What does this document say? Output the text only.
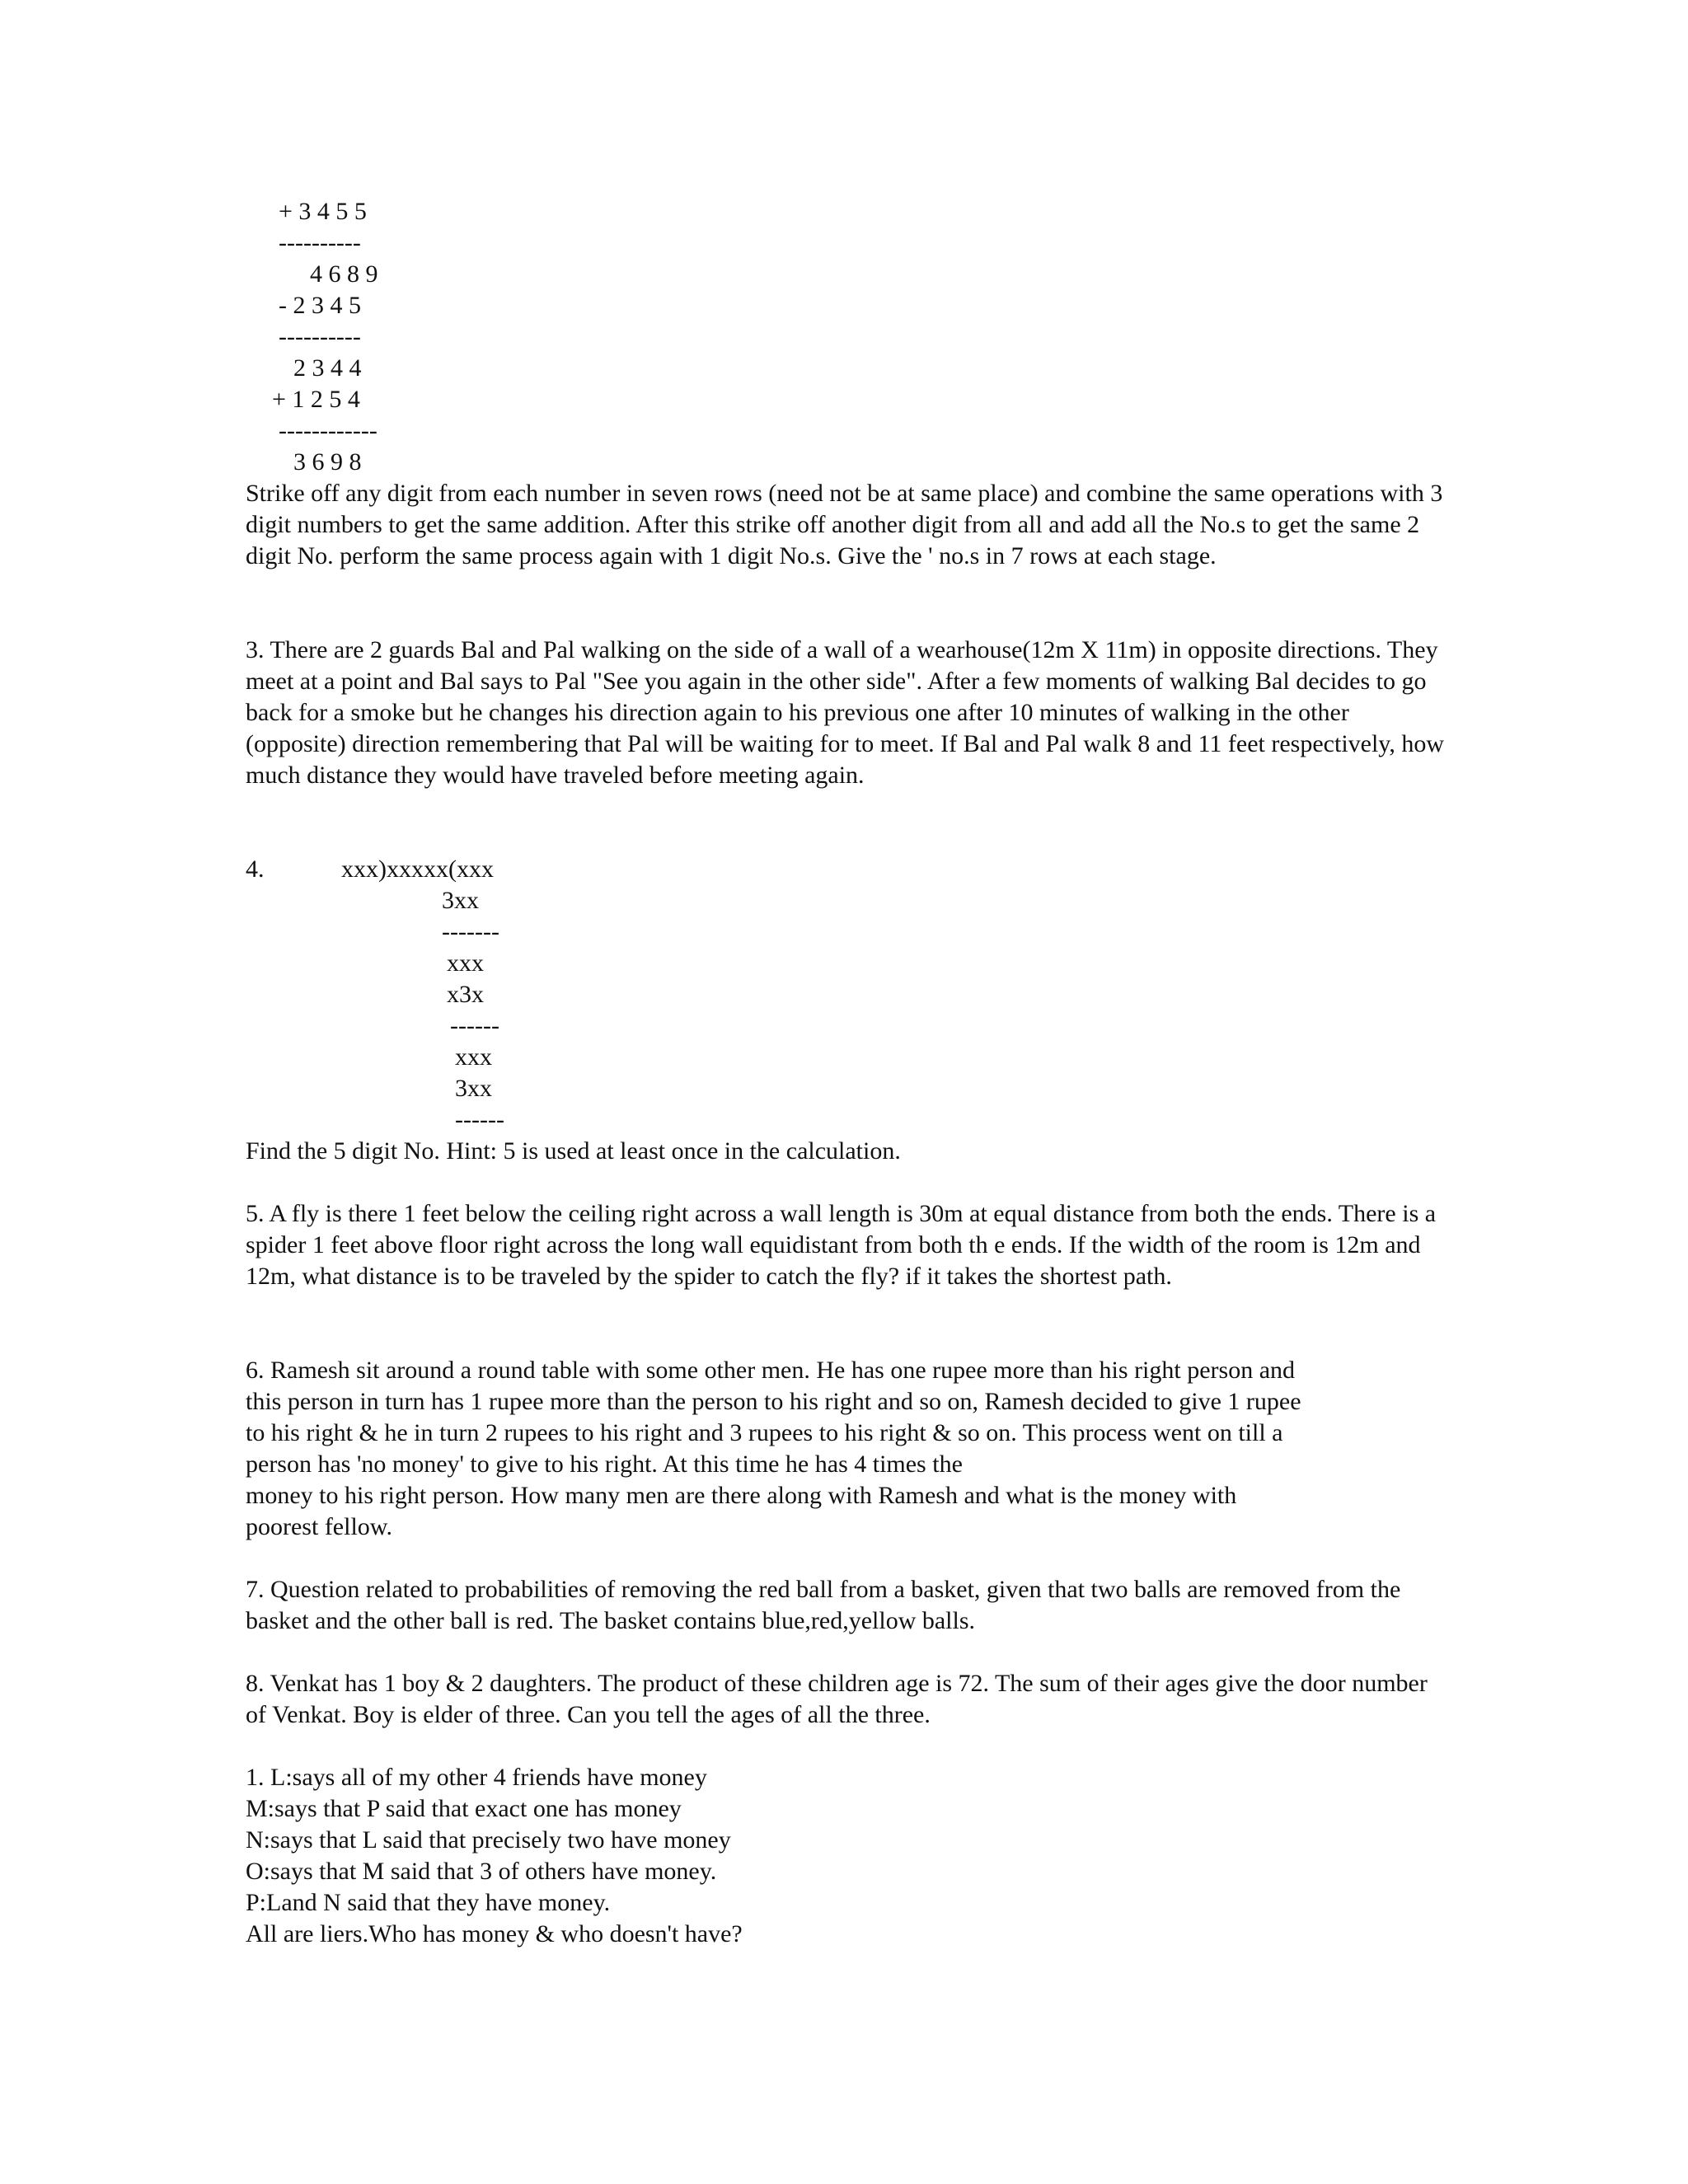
+ 3 4 5 5
----------
4 6 8 9
- 2 3 4 5
----------
2 3 4 4
+ 1 2 5 4
------------
3 6 9 8

Strike off any digit from each number in seven rows (need not be at same place) and combine the same operations with 3 digit numbers to get the same addition. After this strike off another digit from all and add all the No.s to get the same 2 digit No. perform the same process again with 1 digit No.s. Give the ' no.s in 7 rows at each stage.

3. There are 2 guards Bal and Pal walking on the side of a wall of a wearhouse(12m X 11m) in opposite directions. They meet at a point and Bal says to Pal "See you again in the other side". After a few moments of walking Bal decides to go back for a smoke but he changes his direction again to his previous one after 10 minutes of walking in the other (opposite) direction remembering that Pal will be waiting for to meet. If Bal and Pal walk 8 and 11 feet respectively, how much distance they would have traveled before meeting again.

4.	xxx)xxxxx(xxx
3xx
-------
xxx
x3x
------
xxx
3xx
------
Find the 5 digit No. Hint: 5 is used at least once in the calculation.

5. A fly is there 1 feet below the ceiling right across a wall length is 30m at equal distance from both the ends. There is a spider 1 feet above floor right across the long wall equidistant from both th e ends. If the width of the room is 12m and 12m, what distance is to be traveled by the spider to catch the fly? if it takes the shortest path.

6. Ramesh sit around a round table with some other men. He has one rupee more than his right person and
this person in turn has 1 rupee more than the person to his right and so on, Ramesh decided to give 1 rupee
to his right & he in turn 2 rupees to his right and 3 rupees to his right & so on. This process went on till a
person has 'no money' to give to his right. At this time he has 4 times the
money to his right person. How many men are there along with Ramesh and what is the money with
poorest fellow.

7. Question related to probabilities of removing the red ball from a basket, given that two balls are removed from the basket and the other ball is red. The basket contains blue,red,yellow balls.

8. Venkat has 1 boy & 2 daughters. The product of these children age is 72. The sum of their ages give the door number of Venkat. Boy is elder of three. Can you tell the ages of all the three.

1. L:says all of my other 4 friends have money
M:says that P said that exact one has money
N:says that L said that precisely two have money
O:says that M said that 3 of others have money.
P:Land N said that they have money.
All are liers.Who has money & who doesn't have?
